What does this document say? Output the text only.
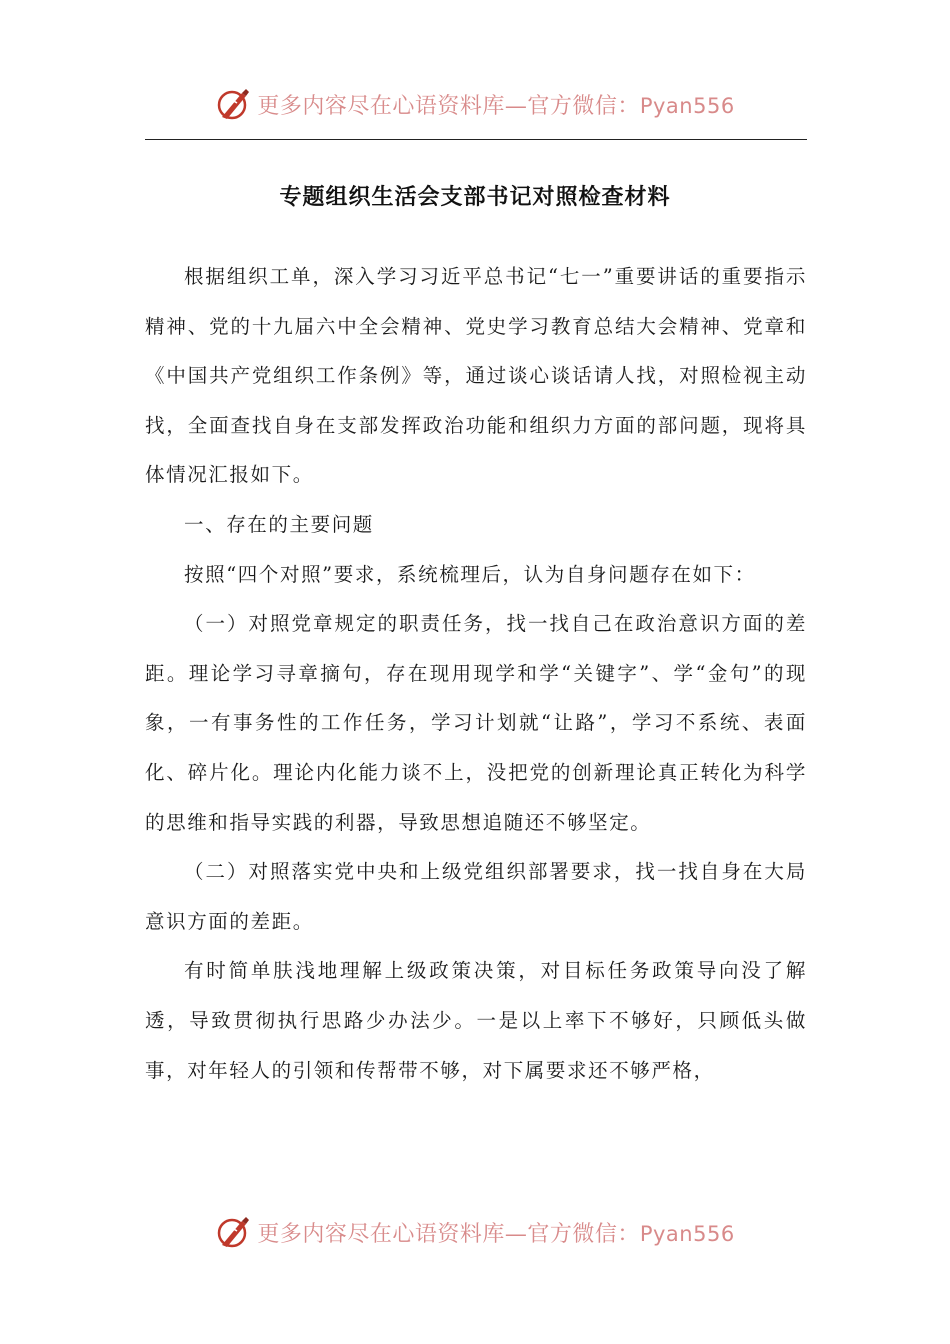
更多内容尽在心语资料库—官方微信：Pyan556
专题组织生活会支部书记对照检查材料

根据组织工单，深入学习习近平总书记“七一”重要讲话的重要指示精神、党的十九届六中全会精神、党史学习教育总结大会精神、党章和《中国共产党组织工作条例》等，通过谈心谈话请人找，对照检视主动找，全面查找自身在支部发挥政治功能和组织力方面的部问题，现将具体情况汇报如下。

一、存在的主要问题

按照“四个对照”要求，系统梳理后，认为自身问题存在如下：

（一）对照党章规定的职责任务，找一找自己在政治意识方面的差距。理论学习寻章摘句，存在现用现学和学“关键字”、学“金句”的现象，一有事务性的工作任务，学习计划就“让路”，学习不系统、表面化、碎片化。理论内化能力谈不上，没把党的创新理论真正转化为科学的思维和指导实践的利器，导致思想追随还不够坚定。

（二）对照落实党中央和上级党组织部署要求，找一找自身在大局意识方面的差距。

有时简单肤浅地理解上级政策决策，对目标任务政策导向没了解透，导致贯彻执行思路少办法少。一是以上率下不够好，只顾低头做事，对年轻人的引领和传帮带不够，对下属要求还不够严格，

更多内容尽在心语资料库—官方微信：Pyan556
